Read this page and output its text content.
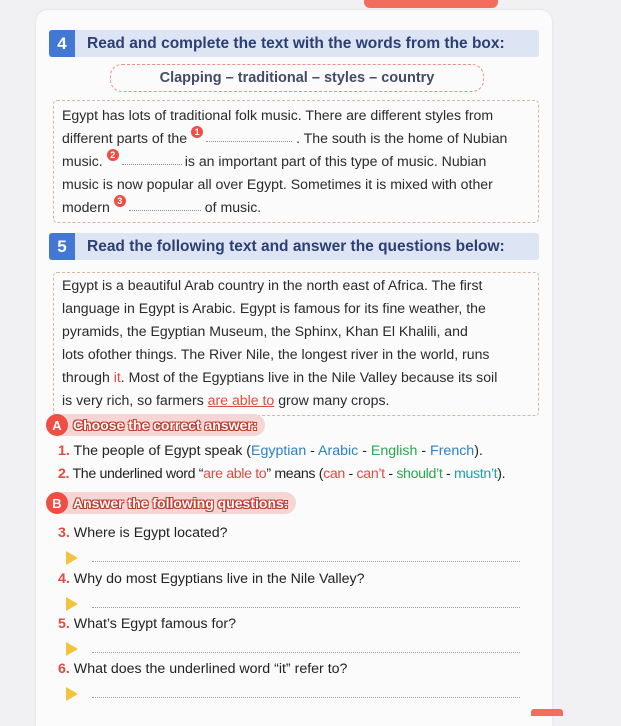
4	Read and complete the text with the words from the box:
Clapping – traditional – styles – country
Egypt has lots of traditional folk music. There are different styles from
different parts of the 1	. The south is the home of Nubian
music. 2	is an important part of this type of music. Nubian
music is now popular all over Egypt. Sometimes it is mixed with other
modern 3	of music.
5	Read the following text and answer the questions below:
Egypt is a beautiful Arab country in the north east of Africa. The first
language in Egypt is Arabic. Egypt is famous for its fine weather, the
pyramids, the Egyptian Museum, the Sphinx, Khan El Khalili, and
lots ofother things. The River Nile, the longest river in the world, runs
through
it . Most of the Egyptians live in the Nile Valley because its soil
is very rich, so farmers
are able to
grow many crops.
A Choose the correct answer:
1. The people of Egypt speak (Egyptian - Arabic - English - French).
2. The underlined word “are able to” means (can - can’t - should’t - mustn’t).
B Answer the following questions:
3. Where is Egypt located?
4. Why do most Egyptians live in the Nile Valley?
5. What’s Egypt famous for?
6. What does the underlined word “it” refer to?
